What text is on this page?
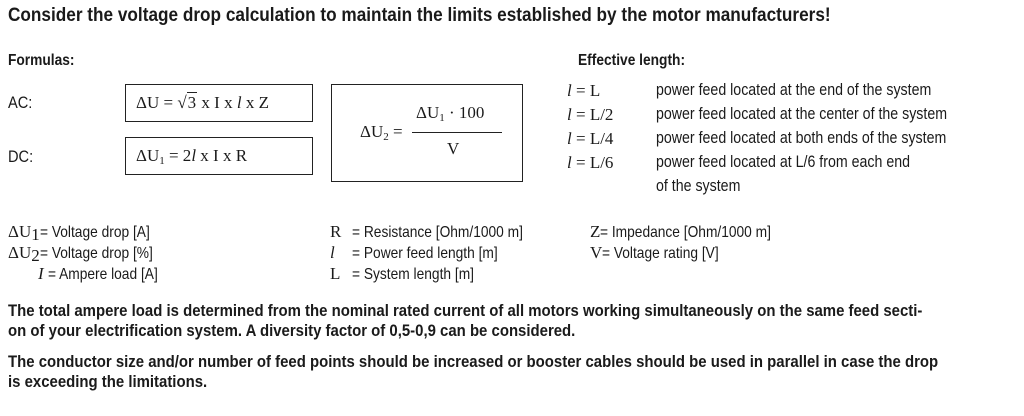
Consider the voltage drop calculation to maintain the limits established by the motor manufacturers!
Formulas:
AC:
DC:
ΔU = √3 x I x l x Z
$\Delta U_1 = 2l$ x I x R
$\Delta U_2$ =
$\Delta U_1 \cdot 100$
V
Effective length:
l = L	power feed located at the end of the system
l = L/2	power feed located at the center of the system
l = L/4	power feed located at both ends of the system
l = L/6	power feed located at L/6 from each end
of the system
$\Delta U_1=$ Voltage drop [A]
$\Delta U_2=$ Voltage drop [%]
I= Ampere load [A]
R= Resistance [Ohm/1000 m]
l= Power feed length [m]
L= System length [m]
Z= Impedance [Ohm/1000 m]
V= Voltage rating [V]
The total ampere load is determined from the nominal rated current of all motors working simultaneously on the same feed secti-
on of your electrification system. A diversity factor of 0,5-0,9 can be considered.
The conductor size and/or number of feed points should be increased or booster cables should be used in parallel in case the drop
is exceeding the limitations.
